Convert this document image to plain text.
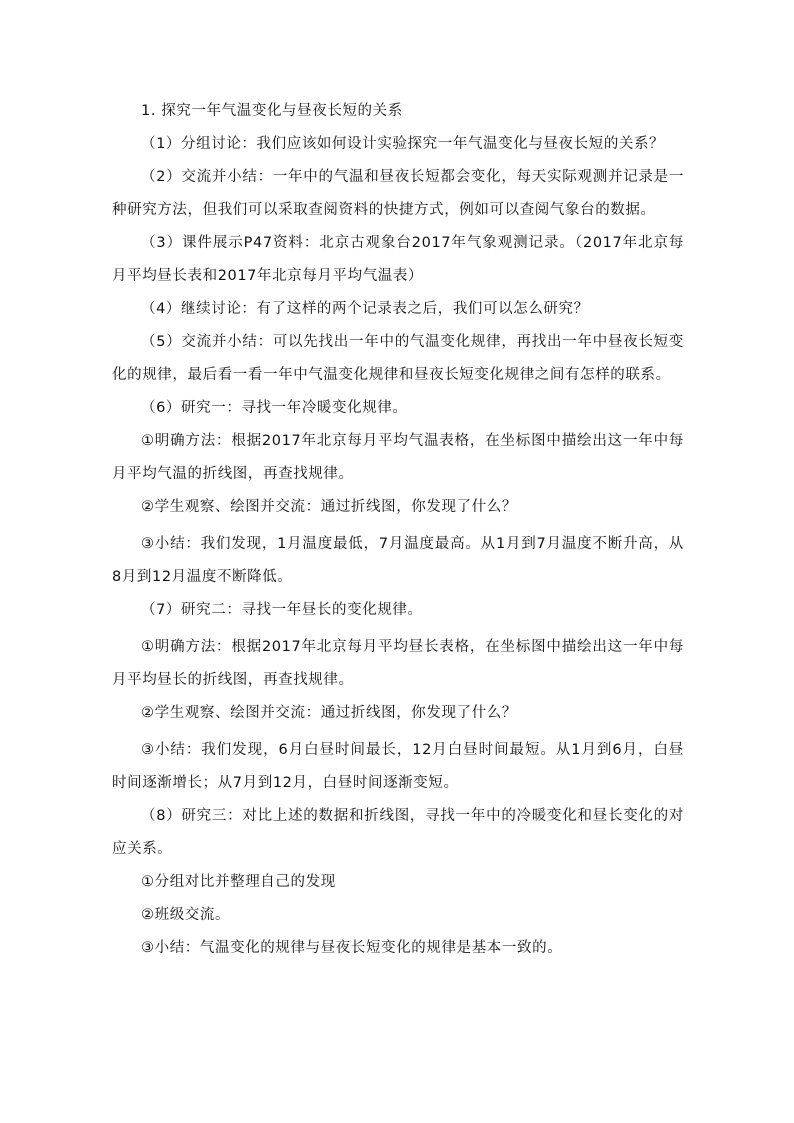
1. 探究一年气温变化与昼夜长短的关系

（1）分组讨论：我们应该如何设计实验探究一年气温变化与昼夜长短的关系？

（2）交流并小结：一年中的气温和昼夜长短都会变化，每天实际观测并记录是一种研究方法，但我们可以采取查阅资料的快捷方式，例如可以查阅气象台的数据。

（3）课件展示P47资料：北京古观象台2017年气象观测记录。（2017年北京每月平均昼长表和2017年北京每月平均气温表）

（4）继续讨论：有了这样的两个记录表之后，我们可以怎么研究？

（5）交流并小结：可以先找出一年中的气温变化规律，再找出一年中昼夜长短变化的规律，最后看一看一年中气温变化规律和昼夜长短变化规律之间有怎样的联系。

（6）研究一：寻找一年冷暖变化规律。

①明确方法：根据2017年北京每月平均气温表格，在坐标图中描绘出这一年中每月平均气温的折线图，再查找规律。

②学生观察、绘图并交流：通过折线图，你发现了什么？

③小结：我们发现，1月温度最低，7月温度最高。从1月到7月温度不断升高，从8月到12月温度不断降低。

（7）研究二：寻找一年昼长的变化规律。

①明确方法：根据2017年北京每月平均昼长表格，在坐标图中描绘出这一年中每月平均昼长的折线图，再查找规律。

②学生观察、绘图并交流：通过折线图，你发现了什么？

③小结：我们发现，6月白昼时间最长，12月白昼时间最短。从1月到6月，白昼时间逐渐增长；从7月到12月，白昼时间逐渐变短。

（8）研究三：对比上述的数据和折线图，寻找一年中的冷暖变化和昼长变化的对应关系。

①分组对比并整理自己的发现

②班级交流。

③小结：气温变化的规律与昼夜长短变化的规律是基本一致的。
